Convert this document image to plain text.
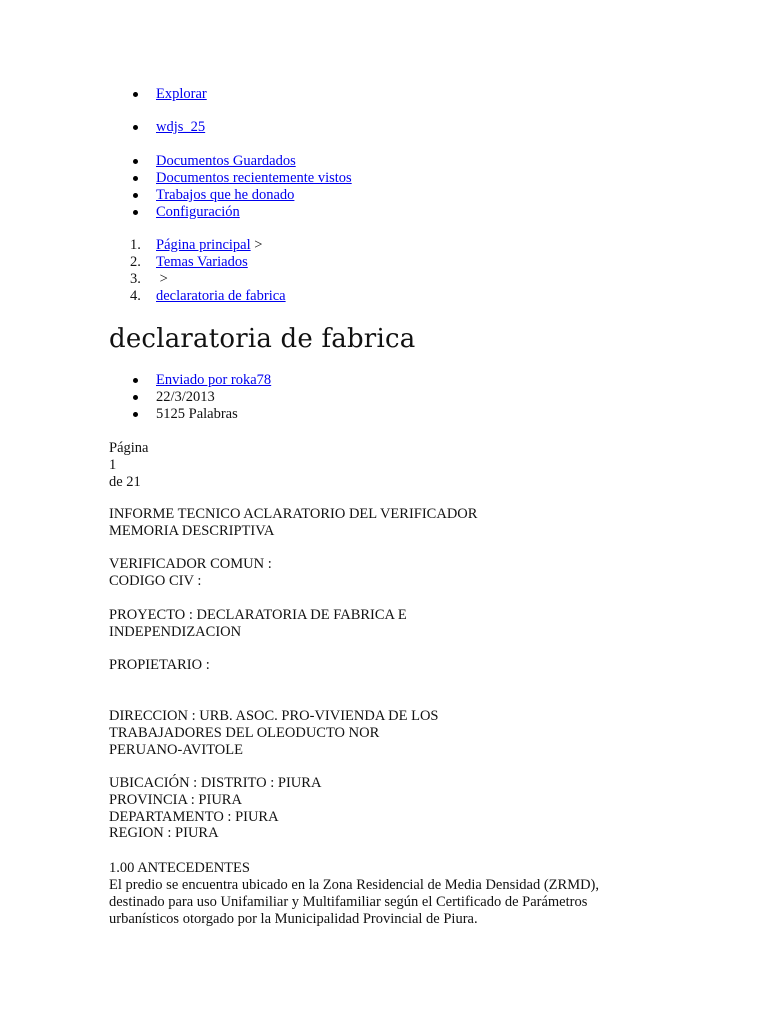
Explorar
wdjs_25
Documentos Guardados
Documentos recientemente vistos
Trabajos que he donado
Configuración
1.	Página principal >
2.	Temas Variados
3.	>
4.	declaratoria de fabrica
declaratoria de fabrica
Enviado por roka78
22/3/2013
5125 Palabras
Página
1
de 21
INFORME TECNICO ACLARATORIO DEL VERIFICADOR
MEMORIA DESCRIPTIVA
VERIFICADOR COMUN :
CODIGO CIV :
PROYECTO : DECLARATORIA DE FABRICA E
INDEPENDIZACION
PROPIETARIO :
DIRECCION : URB. ASOC. PRO-VIVIENDA DE LOS
TRABAJADORES DEL OLEODUCTO NOR
PERUANO-AVITOLE
UBICACIÓN : DISTRITO : PIURA
PROVINCIA : PIURA
DEPARTAMENTO : PIURA
REGION : PIURA
1.00 ANTECEDENTES
El predio se encuentra ubicado en la Zona Residencial de Media Densidad (ZRMD),
destinado para uso Unifamiliar y Multifamiliar según el Certificado de Parámetros
urbanísticos otorgado por la Municipalidad Provincial de Piura.
